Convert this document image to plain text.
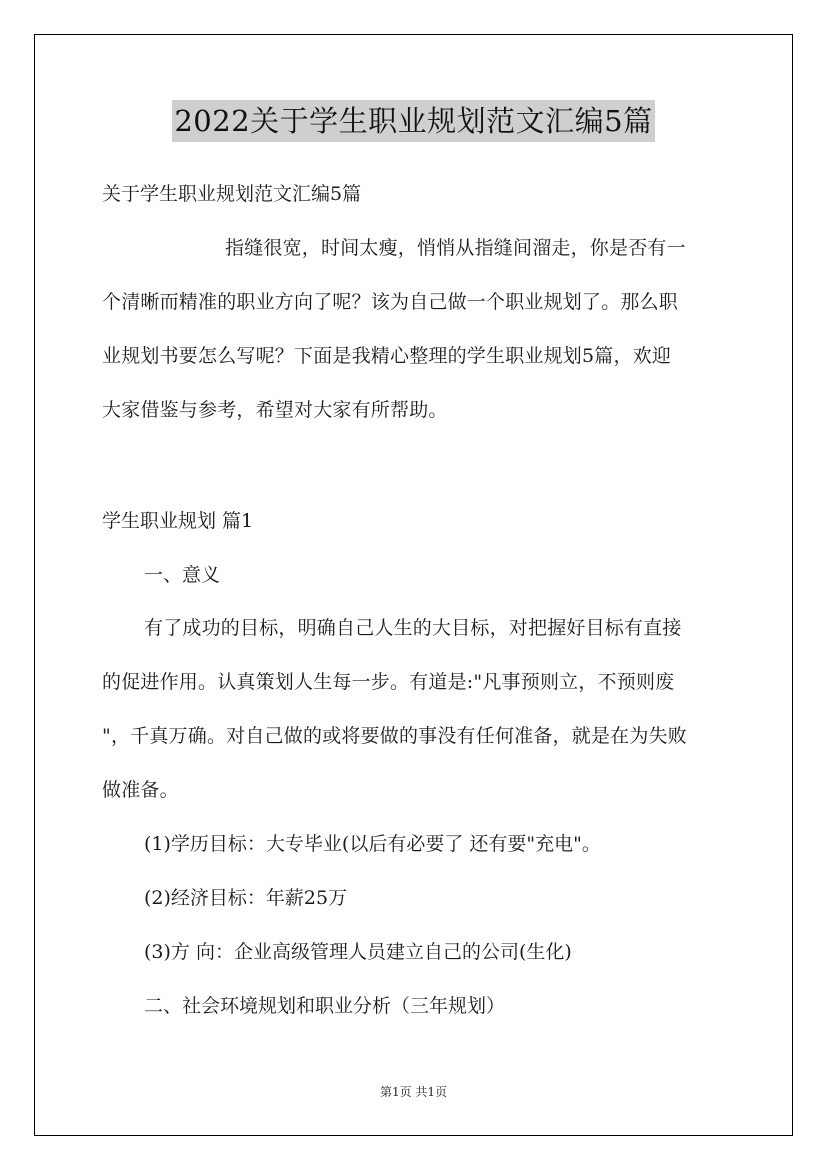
2022关于学生职业规划范文汇编5篇
关于学生职业规划范文汇编5篇
指缝很宽，时间太瘦，悄悄从指缝间溜走，你是否有一
个清晰而精准的职业方向了呢？该为自己做一个职业规划了。那么职
业规划书要怎么写呢？下面是我精心整理的学生职业规划5篇，欢迎
大家借鉴与参考，希望对大家有所帮助。
学生职业规划 篇1
一、意义
有了成功的目标，明确自己人生的大目标，对把握好目标有直接
的促进作用。认真策划人生每一步。有道是:"凡事预则立，不预则废
"，千真万确。对自己做的或将要做的事没有任何准备，就是在为失败
做准备。
(1)学历目标：大专毕业(以后有必要了 还有要"充电"。
(2)经济目标：年薪25万
(3)方 向：企业高级管理人员建立自己的公司(生化)
二、社会环境规划和职业分析（三年规划）
第1页 共1页
